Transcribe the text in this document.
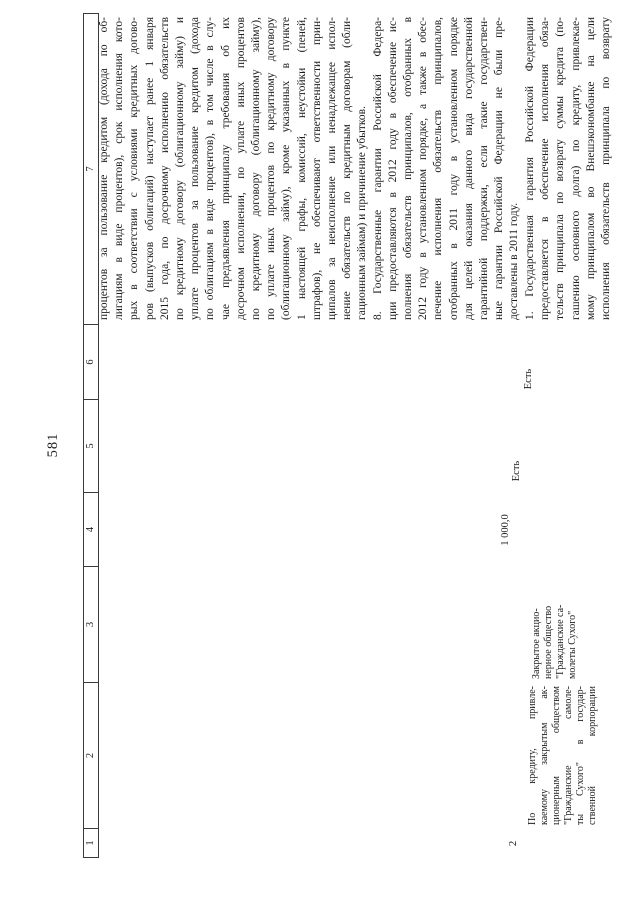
581
1
2
3
4
5
6
7 процентов за пользование кредитом (дохода по об- лигациям в виде процентов), срок исполнения кото- рых в соответствии с условиями кредитных догово- ров (выпусков облигаций) наступает ранее 1 января 2015 года, по досрочному исполнению обязательств по кредитному договору (облигационному займу) и уплате процентов за пользование кредитом (дохода по облигациям в виде процентов), в том числе в слу- чае предъявления принципалу требования об их досрочном исполнении, по уплате иных процентов по кредитному договору (облигационному займу), по уплате иных процентов по кредитному договору (облигационному займу), кроме указанных в пункте 1 настоящей графы, комиссий, неустойки (пеней, штрафов), не обеспечивают ответственности прин- ципалов за неисполнение или ненадлежащее испол- нение обязательств по кредитным договорам (обли- гационным займам) и причинение убытков. 8. Государственные гарантии Российской Федера- ции предоставляются в 2012 году в обеспечение ис- полнения обязательств принципалов, отобранных в 2012 году в установленном порядке, а также в обес- печение исполнения обязательств принципалов, отобранных в 2011 году в установленном порядке для целей оказания данного вида государственной гарантийной поддержки, если такие государствен- ные гарантии Российской Федерации не были пре- доставлены в 2011 году.
2
По кредиту, привле- каемому закрытым ак- ционерным обществом "Гражданские самоле- ты Сухого" в государ- ственной корпорации
Закрытое акцио- нерное общество "Гражданские са- молеты Сухого"
1 000,0
Есть
Есть
1. Государственная гарантия Российской Федерации предоставляется в обеспечение исполнения обяза- тельств принципала по возврату суммы кредита (по- гашению основного долга) по кредиту, привлекае- мому принципалом во Внешэкономбанке на цели исполнения обязательств принципала по возврату
